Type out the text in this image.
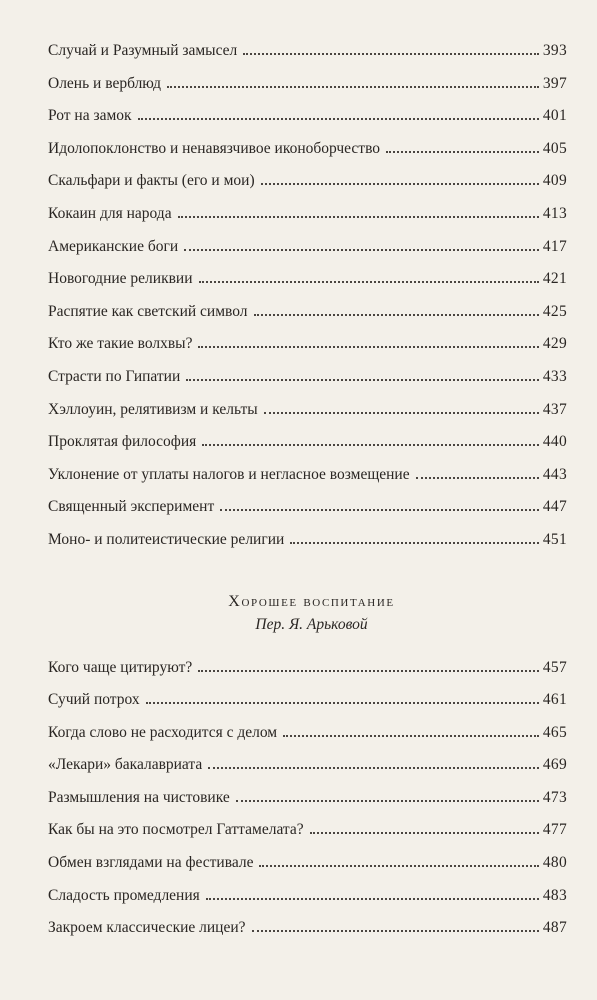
Случай и Разумный замысел	393
Олень и верблюд	397
Рот на замок	401
Идолопоклонство и ненавязчивое иконоборчество	405
Скальфари и факты (его и мои)	409
Кокаин для народа	413
Американские боги	417
Новогодние реликвии	421
Распятие как светский символ	425
Кто же такие волхвы?	429
Страсти по Гипатии	433
Хэллоуин, релятивизм и кельты	437
Проклятая философия	440
Уклонение от уплаты налогов и негласное возмещение	443
Священный эксперимент	447
Моно- и политеистические религии	451
Хорошее воспитание
Пер. Я. Арьковой
Кого чаще цитируют?	457
Сучий потрох	461
Когда слово не расходится с делом	465
«Лекари» бакалавриата	469
Размышления на чистовике	473
Как бы на это посмотрел Гаттамелата?	477
Обмен взглядами на фестивале	480
Сладость промедления	483
Закроем классические лицеи?	487
